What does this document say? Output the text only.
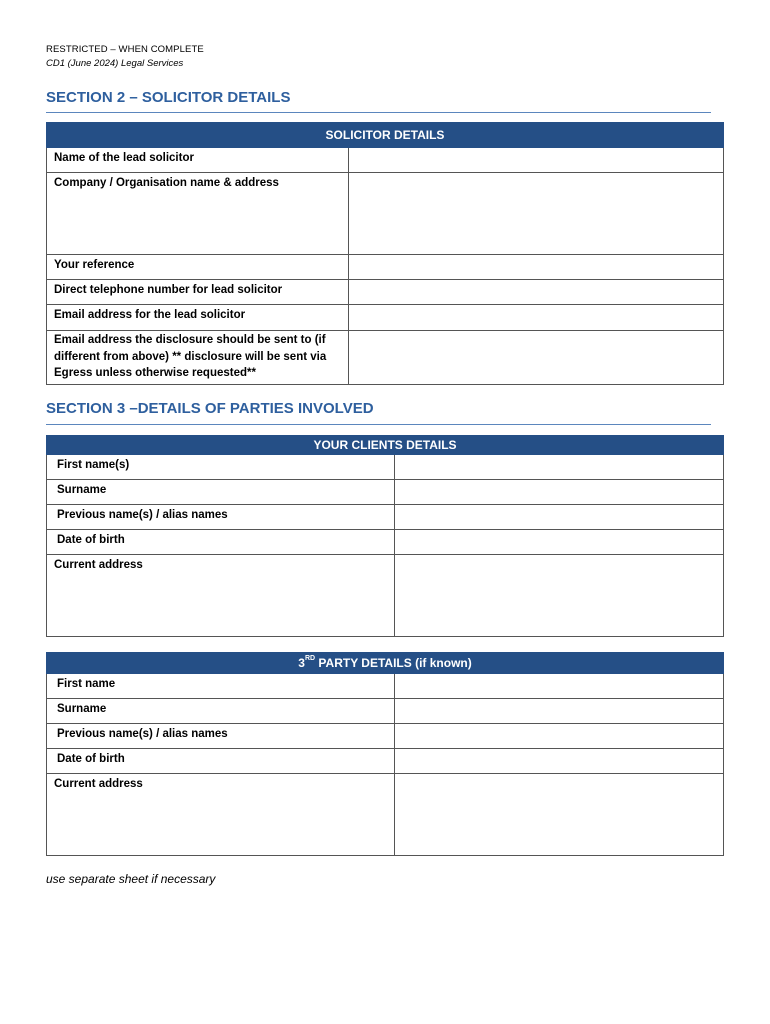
RESTRICTED – WHEN COMPLETE
CD1 (June 2024) Legal Services
SECTION 2 – SOLICITOR DETAILS
SOLICITOR DETAILS	
Name of the lead solicitor	
Company / Organisation name & address	
Your reference	
Direct telephone number for lead solicitor	
Email address for the lead solicitor	
Email address the disclosure should be sent to (if different from above) ** disclosure will be sent via Egress unless otherwise requested**	
SECTION 3 –DETAILS OF PARTIES INVOLVED
YOUR CLIENTS DETAILS	
First name(s)	
Surname	
Previous name(s) / alias names	
Date of birth	
Current address	
3RD PARTY DETAILS (if known)	
First name	
Surname	
Previous name(s) / alias names	
Date of birth	
Current address	
use separate sheet if necessary
